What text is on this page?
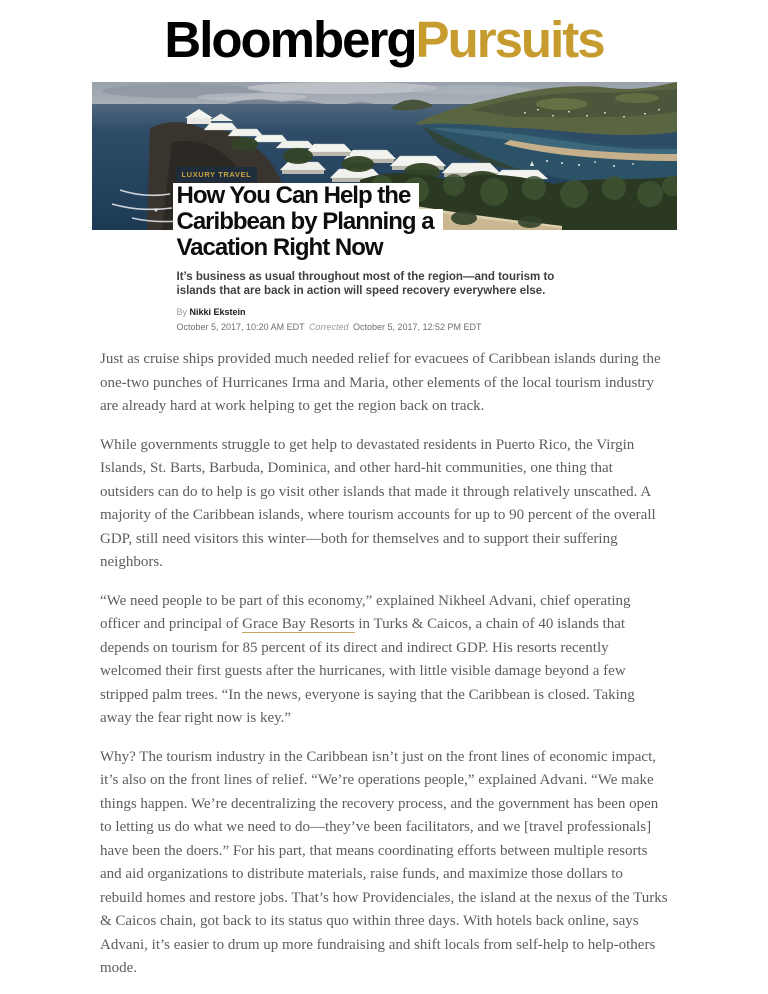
BloombergPursuits
LUXURY TRAVEL
How You Can Help the
Caribbean by Planning a
Vacation Right Now
It’s business as usual throughout most of the region—and tourism to islands that are back in action will speed recovery everywhere else.
By Nikki Ekstein
October 5, 2017, 10:20 AM EDT Corrected October 5, 2017, 12:52 PM EDT

Just as cruise ships provided much needed relief for evacuees of Caribbean islands during the one-two punches of Hurricanes Irma and Maria, other elements of the local tourism industry are already hard at work helping to get the region back on track.

While governments struggle to get help to devastated residents in Puerto Rico, the Virgin Islands, St. Barts, Barbuda, Dominica, and other hard-hit communities, one thing that outsiders can do to help is go visit other islands that made it through relatively unscathed. A majority of the Caribbean islands, where tourism accounts for up to 90 percent of the overall GDP, still need visitors this winter—both for themselves and to support their suffering neighbors.

“We need people to be part of this economy,” explained Nikheel Advani, chief operating officer and principal of Grace Bay Resorts in Turks & Caicos, a chain of 40 islands that depends on tourism for 85 percent of its direct and indirect GDP. His resorts recently welcomed their first guests after the hurricanes, with little visible damage beyond a few stripped palm trees. “In the news, everyone is saying that the Caribbean is closed. Taking away the fear right now is key.”

Why? The tourism industry in the Caribbean isn’t just on the front lines of economic impact, it’s also on the front lines of relief. “We’re operations people,” explained Advani. “We make things happen. We’re decentralizing the recovery process, and the government has been open to letting us do what we need to do—they’ve been facilitators, and we [travel professionals] have been the doers.” For his part, that means coordinating efforts between multiple resorts and aid organizations to distribute materials, raise funds, and maximize those dollars to rebuild homes and restore jobs. That’s how Providenciales, the island at the nexus of the Turks & Caicos chain, got back to its status quo within three days. With hotels back online, says Advani, it’s easier to drum up more fundraising and shift locals from self-help to help-others mode.
